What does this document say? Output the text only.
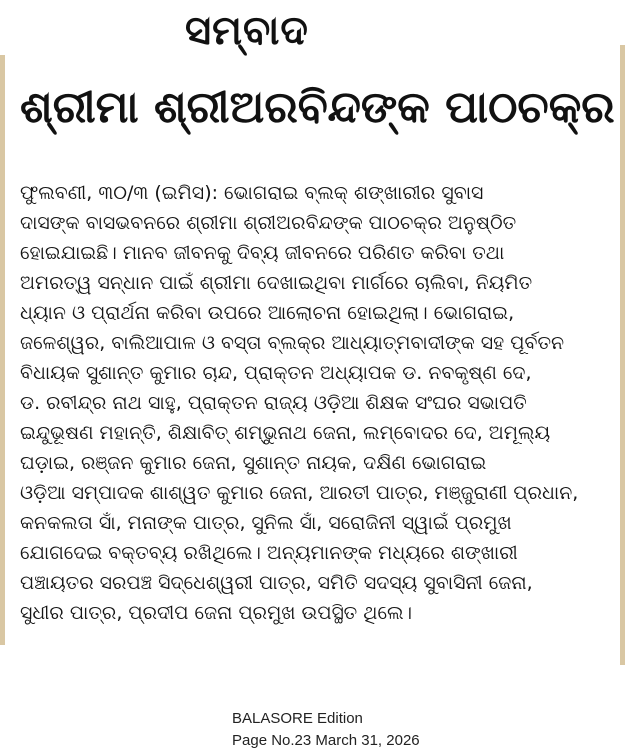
ସମ୍ବାଦ
ଶ୍ରୀମା ଶ୍ରୀଅରବିନ୍ଦଙ୍କ ପାଠଚକ୍ର
ଫୁଲବଣୀ, ୩୦/୩ (ଇମିସ): ଭୋଗରାଇ ବ୍ଲକ୍ ଶଙ୍ଖାରୀର ସୁବାସ
ଦାସଙ୍କ ବାସଭବନରେ ଶ୍ରୀମା ଶ୍ରୀଅରବିନ୍ଦଙ୍କ ପାଠଚକ୍ର ଅନୁଷ୍ଠିତ
ହୋଇଯାଇଛି। ମାନବ ଜୀବନକୁ ଦିବ୍ୟ ଜୀବନରେ ପରିଣତ କରିବା ତଥା
ଅମରତ୍ୱ ସନ୍ଧାନ ପାଇଁ ଶ୍ରୀମା ଦେଖାଇଥିବା ମାର୍ଗରେ ଚାଲିବା, ନିୟମିତ
ଧ୍ୟାନ ଓ ପ୍ରାର୍ଥନା କରିବା ଉପରେ ଆଲୋଚନା ହୋଇଥିଲା। ଭୋଗରାଇ,
ଜଳେଶ୍ୱର, ବାଲିଆପାଳ ଓ ବସ୍ତା ବ୍ଲକ୍‌ର ଆଧ୍ୟାତ୍ମବାଦୀଙ୍କ ସହ ପୂର୍ବତନ
ବିଧାୟକ ସୁଶାନ୍ତ କୁମାର ଚାନ୍ଦ, ପ୍ରାକ୍ତନ ଅଧ୍ୟାପକ ଡ. ନବକୃଷ୍ଣ ଦେ,
ଡ. ରବୀନ୍ଦ୍ର ନାଥ ସାହୁ, ପ୍ରାକ୍ତନ ରାଜ୍ୟ ଓଡ଼ିଆ ଶିକ୍ଷକ ସଂଘର ସଭାପତି
ଇନ୍ଦୁଭୂଷଣ ମହାନ୍ତି, ଶିକ୍ଷାବିତ୍ ଶମ୍ଭୁନାଥ ଜେନା, ଲମ୍ବୋଦର ଦେ, ଅମୂଲ୍ୟ
ଘଡ଼ାଇ, ରଞ୍ଜନ କୁମାର ଜେନା, ସୁଶାନ୍ତ ନାୟକ, ଦକ୍ଷିଣ ଭୋଗରାଇ
ଓଡ଼ିଆ ସମ୍ପାଦକ ଶାଶ୍ୱତ କୁମାର ଜେନା, ଆରତୀ ପାତ୍ର, ମଞ୍ଜୁରାଣୀ ପ୍ରଧାନ,
କନକଲତା ସାଁ, ମନାଙ୍କ ପାତ୍ର, ସୁନିଲ ସାଁ, ସରୋଜିନୀ ସ୍ୱାଇଁ ପ୍ରମୁଖ
ଯୋଗଦେଇ ବକ୍ତବ୍ୟ ରଖିଥିଲେ। ଅନ୍ୟମାନଙ୍କ ମଧ୍ୟରେ ଶଙ୍ଖାରୀ
ପଞ୍ଚାୟତର ସରପଞ୍ଚ ସିଦ୍ଧେଶ୍ୱରୀ ପାତ୍ର, ସମିତି ସଦସ୍ୟ ସୁବାସିନୀ ଜେନା,
ସୁଧୀର ପାତ୍ର, ପ୍ରଦୀପ ଜେନା ପ୍ରମୁଖ ଉପସ୍ଥିତ ଥିଲେ।
BALASORE Edition
Page No.23 March 31, 2026
